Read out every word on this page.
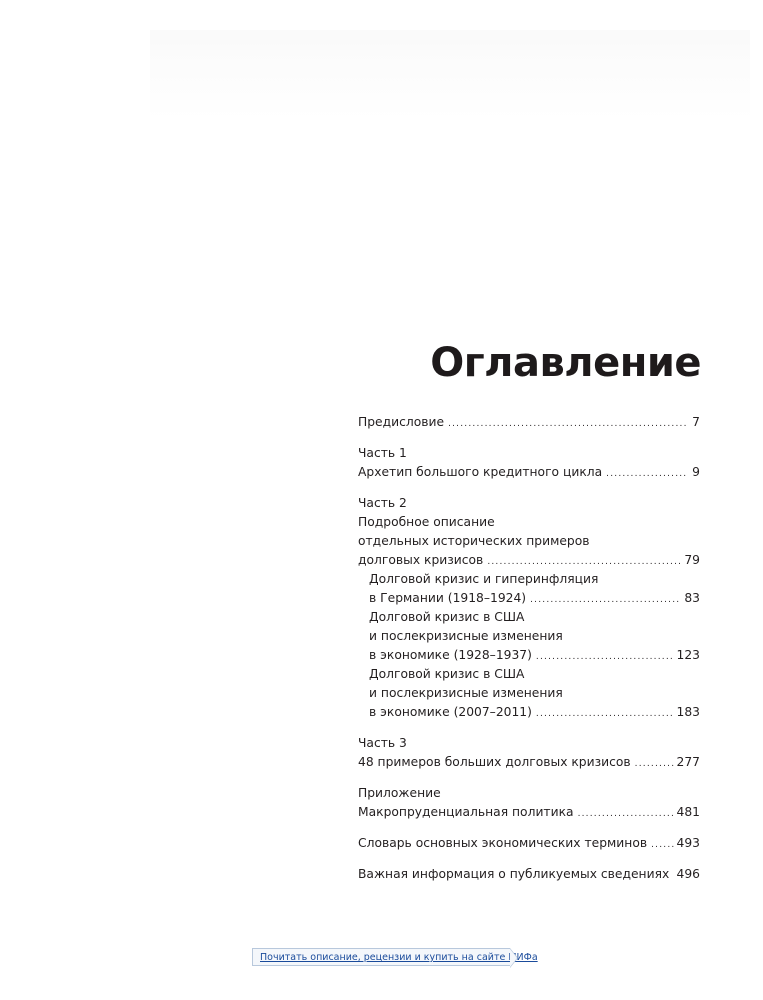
Оглавление
Предисловие .....	7
Часть 1
Архетип большого кредитного цикла .....	9
Часть 2
Подробное описание
отдельных исторических примеров
долговых кризисов .....	79
Долговой кризис и гиперинфляция
в Германии (1918–1924) .....	83
Долговой кризис в США
и послекризисные изменения
в экономике (1928–1937) .....	123
Долговой кризис в США
и послекризисные изменения
в экономике (2007–2011) .....	183
Часть 3
48 примеров больших долговых кризисов .....	277
Приложение
Макропруденциальная политика .....	481
Словарь основных экономических терминов ..... 493
Важная информация о публикуемых сведениях ..... 496
Почитать описание, рецензии и купить на сайте МИФа
